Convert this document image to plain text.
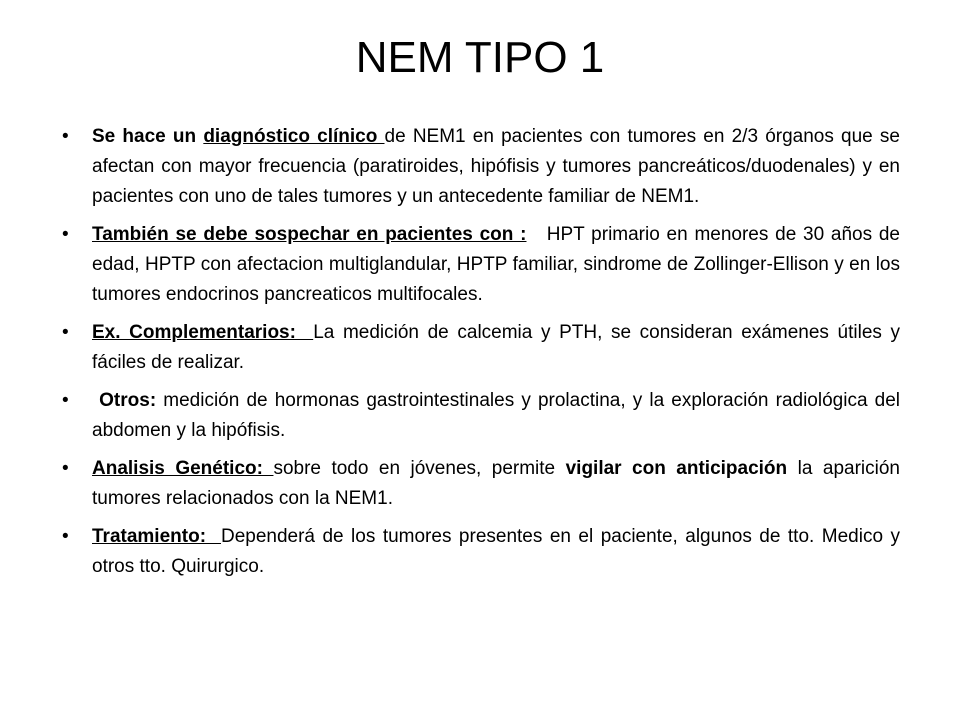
NEM TIPO 1
• Se hace un diagnóstico clínico de NEM1 en pacientes con tumores en 2/3 órganos que se afectan con mayor frecuencia (paratiroides, hipófisis y tumores pancreáticos/duodenales) y en pacientes con uno de tales tumores y un antecedente familiar de NEM1.
• También se debe sospechar en pacientes con :   HPT primario en menores de 30 años de edad, HPTP con afectacion multiglandular, HPTP familiar, sindrome de Zollinger-Ellison y en los tumores endocrinos pancreaticos multifocales.
• Ex. Complementarios:  La medición de calcemia y PTH, se consideran exámenes útiles y fáciles de realizar.
•  Otros: medición de hormonas gastrointestinales y prolactina, y la exploración radiológica del abdomen y la hipófisis.
• Analisis Genético: sobre todo en jóvenes, permite vigilar con anticipación la aparición tumores relacionados con la NEM1.
• Tratamiento:  Dependerá de los tumores presentes en el paciente, algunos de tto. Medico y otros tto. Quirurgico.
